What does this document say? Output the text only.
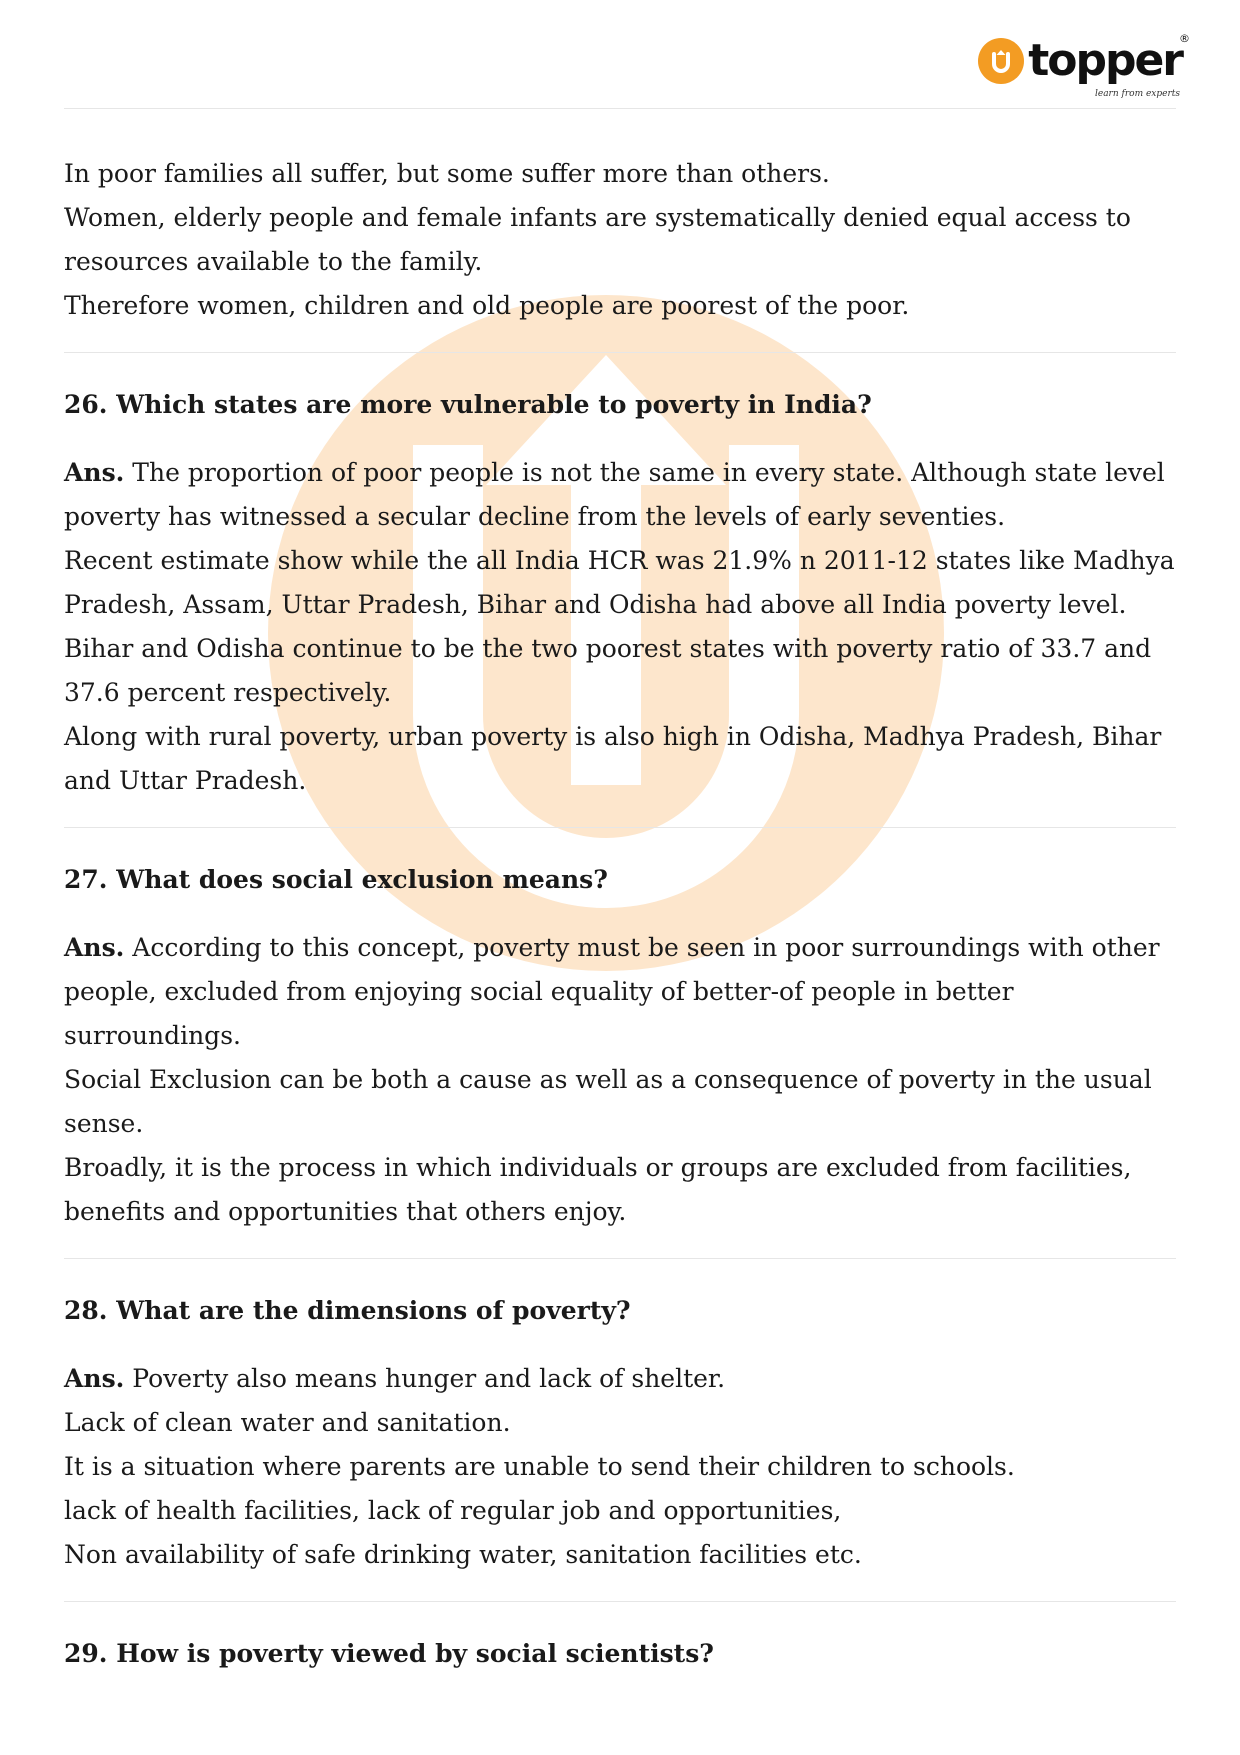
topper
®
learn from experts

In poor families all suffer, but some suffer more than others.

Women, elderly people and female infants are systematically denied equal access to resources available to the family.

Therefore women, children and old people are poorest of the poor.

26. Which states are more vulnerable to poverty in India?

Ans. The proportion of poor people is not the same in every state. Although state level poverty has witnessed a secular decline from the levels of early seventies.

Recent estimate show while the all India HCR was 21.9% n 2011-12 states like Madhya Pradesh, Assam, Uttar Pradesh, Bihar and Odisha had above all India poverty level.

Bihar and Odisha continue to be the two poorest states with poverty ratio of 33.7 and 37.6 percent respectively.

Along with rural poverty, urban poverty is also high in Odisha, Madhya Pradesh, Bihar and Uttar Pradesh.

27. What does social exclusion means?

Ans. According to this concept, poverty must be seen in poor surroundings with other people, excluded from enjoying social equality of better-of people in better surroundings.

Social Exclusion can be both a cause as well as a consequence of poverty in the usual sense.

Broadly, it is the process in which individuals or groups are excluded from facilities, benefits and opportunities that others enjoy.

28. What are the dimensions of poverty?

Ans. Poverty also means hunger and lack of shelter.

Lack of clean water and sanitation.

It is a situation where parents are unable to send their children to schools.

lack of health facilities, lack of regular job and opportunities,

Non availability of safe drinking water, sanitation facilities etc.

29. How is poverty viewed by social scientists?
